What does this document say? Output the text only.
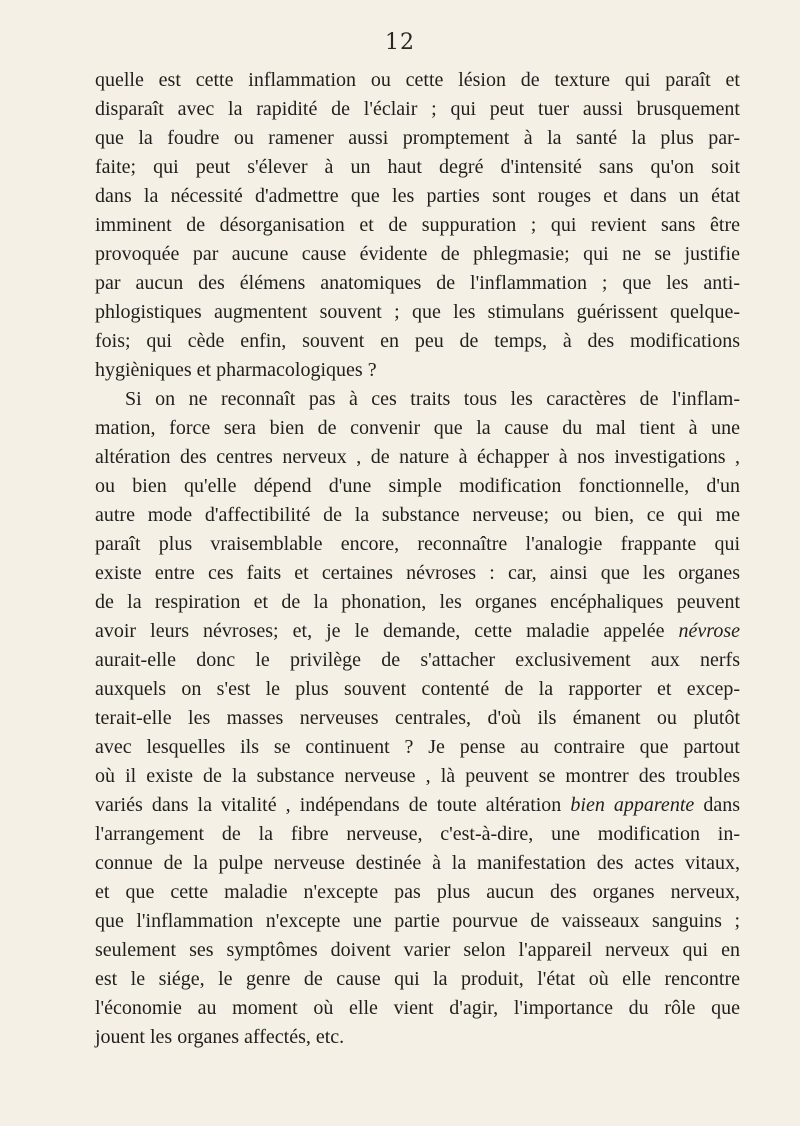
12
quelle est cette inflammation ou cette lésion de texture qui paraît et
disparaît avec la rapidité de l'éclair ; qui peut tuer aussi brusquement
que la foudre ou ramener aussi promptement à la santé la plus par-
faite; qui peut s'élever à un haut degré d'intensité sans qu'on soit
dans la nécessité d'admettre que les parties sont rouges et dans un état
imminent de désorganisation et de suppuration ; qui revient sans être
provoquée par aucune cause évidente de phlegmasie; qui ne se justifie
par aucun des élémens anatomiques de l'inflammation ; que les anti-
phlogistiques augmentent souvent ; que les stimulans guérissent quelque-
fois; qui cède enfin, souvent en peu de temps, à des modifications
hygièniques et pharmacologiques ?
Si on ne reconnaît pas à ces traits tous les caractères de l'inflam-
mation, force sera bien de convenir que la cause du mal tient à une
altération des centres nerveux , de nature à échapper à nos investigations ,
ou bien qu'elle dépend d'une simple modification fonctionnelle, d'un
autre mode d'affectibilité de la substance nerveuse; ou bien, ce qui me
paraît plus vraisemblable encore, reconnaître l'analogie frappante qui
existe entre ces faits et certaines névroses : car, ainsi que les organes
de la respiration et de la phonation, les organes encéphaliques peuvent
avoir leurs névroses; et, je le demande, cette maladie appelée névrose
aurait-elle donc le privilège de s'attacher exclusivement aux nerfs
auxquels on s'est le plus souvent contenté de la rapporter et excep-
terait-elle les masses nerveuses centrales, d'où ils émanent ou plutôt
avec lesquelles ils se continuent ? Je pense au contraire que partout
où il existe de la substance nerveuse , là peuvent se montrer des troubles
variés dans la vitalité , indépendans de toute altération bien apparente dans
l'arrangement de la fibre nerveuse, c'est-à-dire, une modification in-
connue de la pulpe nerveuse destinée à la manifestation des actes vitaux,
et que cette maladie n'excepte pas plus aucun des organes nerveux,
que l'inflammation n'excepte une partie pourvue de vaisseaux sanguins ;
seulement ses symptômes doivent varier selon l'appareil nerveux qui en
est le siége, le genre de cause qui la produit, l'état où elle rencontre
l'économie au moment où elle vient d'agir, l'importance du rôle que
jouent les organes affectés, etc.
